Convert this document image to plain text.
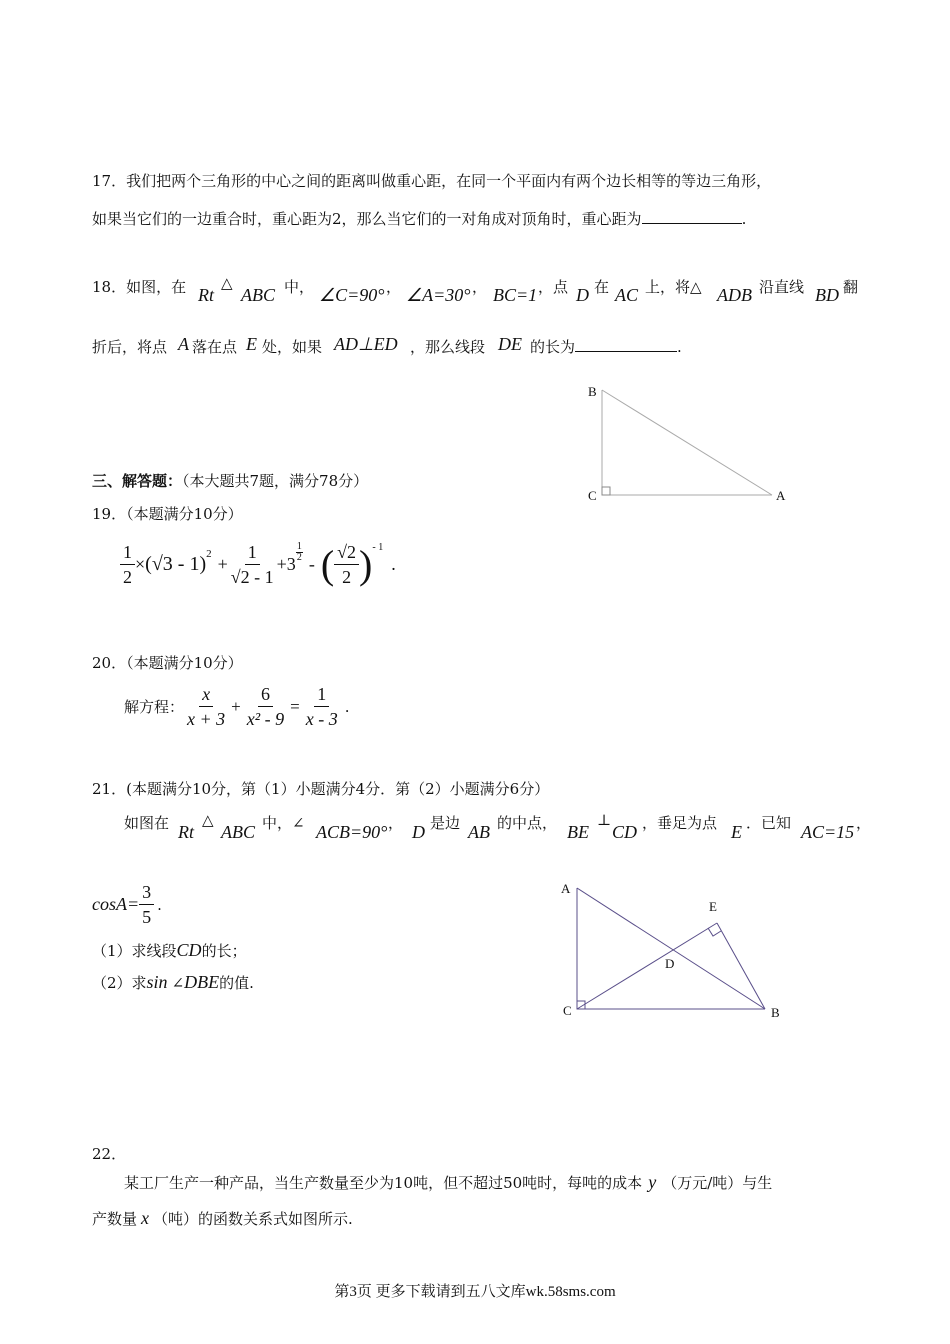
17．我们把两个三角形的中心之间的距离叫做重心距，在同一个平面内有两个边长相等的等边三角形，
如果当它们的一边重合时，重心距为2，那么当它们的一对角成对顶角时，重心距为	.
18．如图，在 Rt
△
ABC 中， ∠C=90° ， ∠A=30° ， BC=1 ，点 D 在 AC 上，将△ ADB 沿直线 BD 翻
折后，将点 A 落在点 E 处，如果 AD⊥ED ，那么线段 DE 的长为	.
B
C	A
三、解答题：（本大题共7题，满分78分）
19．（本题满分10分）
$\frac{1}{2} \times (√3 - 1)^2 + \frac{1}{√2 - 1} +3$
$\frac{1}{2}$
- ( $\frac{√2}{2} )^{- 1}$
.
20．（本题满分10分）
解方程： $\frac{x}{x + 3} + \frac{6}{\text{x² - 9}} = \frac{1}{x - 3}$ .
21．(本题满分10分，第（1）小题满分4分．第（2）小题满分6分）
如图在 Rt
△
ABC 中，∠ ACB=90° ， D 是边 AB 的中点， BE
⊥
CD ，垂足为点 E ．已知 AC=15 ，
$\cos A= \frac{3}{5}$ .
（1）求线段 CD 的长；
（2）求 sin ∠ DBE 的值.
A
E
D
C	B
22．
某工厂生产一种产品，当生产数量至少为10吨，但不超过50吨时，每吨的成本 y （万元/吨）与生
产数量 x （吨）的函数关系式如图所示.
第3页 更多下载请到五八文库wk.58sms.com
